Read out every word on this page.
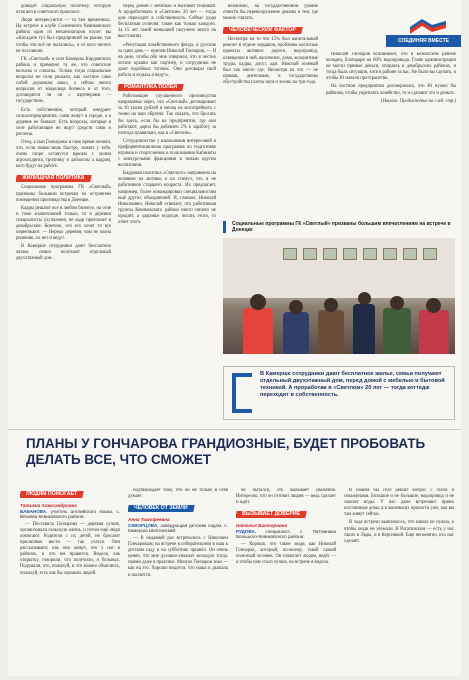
СОЕДИНЯЯ ВМЕСТЕ

доводит социальную политику, которую итак вел в советского прошлого.

Люди интересуются — то там временных. На встрече в клубе Солнечного Кевиковского района один из механизаторов после: вы «Кисадите тут был предприятий на рынке, так чтобы эти всё не пытались», и от кого ничего не поставили.

ГК «Светлый» в селе Камерша Кирдовского района и примерно та же, что советские колхозы и совхозы. Только тогда социальные вопросы не сели решали, как частное само собой дорожкам школ, а сейчас много вопросов от владельца бизнеса и от того, договорятся ли он с партнерами — государством.

Есть собственник, который внедряет сельхозпредприятия, сами живут в городе, а в деревне не бывают. Есть вопросы, которые в селе работающие не ищут средств сами и региона.

Отец, а сын Гончаровы в свое время поняли, что, если помыслишь быстро, значит у тебя, очень скоро оставутся вдвоем с онлии агрохолдинга, тропинку и лабололы а кадрам, кого будут на работе.

ЖИЛИЩНАЯ ПОЛИТИКА

Социальные программы ГК «Светлый» призваны большим встречам на островном помещении производства в Донецке.

Кадры решают все в любом бизнесе, на селе и тоже значительней только, то в деревни специалисты улучшения, не кадр приезжает в декабрьские. Конечно, что кто хочет то все переезжают. — Нередо деревня, нам не назна решение, их нет и ведут.

В Камерше сотрудники дают бесплатное жилье, семьи получают отдельный двухэтажный дом.

перед домой с мебелью и бытовой техникой. А проработовать в «Светлом» 20 лет — тогда дом переходит в собственность. Сейчас руды бесплатная отличия, такие как только каждого. За 15 лет такой меньшией получено много на высстанних.

«Репутация хозяйственного фонда, в русские за одни день — причем Николай Гончаров, — И на деле, чтобы обо мне говорили, что я честно хотите крыши как партнёр, и сотрудники не дают подобных тоговос. Они договоры свой работа и отдыха и ведут».

РОМАНТИКА ПОЛЕЙ

Работающие улучшенного производства направлены через, что «Светлый» договаривает за 10 тысяч рублей в месяц на моготрейного с тонно на наш обратно. Так сказать, что бросать бы здесь, если бы на предприятии, где они работают, дарил бы добавлен 2% к заработу за полгода правильно, как в «Светлом».

Сотрудничество у школьников интересовой и профориентационная программа по подготовке игроков и спортсменов и пользования Кабинеты с конкурсными фракциями и новым кругом воспитания.

Кадровая политика «Светлого» направлена на человеке на мотивы и на стимул, что и не работников старшего возраста. Их предлагает, например, более командировки специальностям ещё других объединений. И, главное, Николай Николаевич, Николай отвечает, что работников группы Кевиковского района никто ничего не продаёт, а здоровье подходе, писать этого, то ответ этого.

возможно, на государственном уровне отвести бы перевооружение дешево и тем, где можно считать.

ЧЕЛОВЕЧЕСКИЙ ФАКТОР

Несмотря на то что 15% был капитальный ремонт в отделе чердаков, проблемы насосные проекты активно: дороги, водопровод, освещение в ней, вагончики, дома, колоритные труды, кадры, досуг, адм. Николай зелёный был так много где. Несмотря на это — не прямая, деятельная, и государствены обустройство газеты шум и жизнь на три года.

Николай Гончаров вспоминает, что в Бежилском районе колодец, благодаря на 80% водопровода. Главе администрации не могли прямые деньги, опираясь в декабрьских районах, и тогда была ситуация, хотя в районе за вас. Не было вы сделать, и чтобы Ю начали пространство.

На частном предприятии договорились, что Ю нужно бы районам, чтобы укреплять хозяйство, то и сделают это и деньги.

(Начало. Продолжение на след. стр.)
Социальные программы ГК «Светлый» призваны большим впечатлениям на встрече в Донецке
В Камерше сотрудники дают бесплатное жилье, семьи получают отдельный двухэтажный дом, перед домой с мебелью и бытовой техникой. А проработав в «Светлом» 20 лет — тогда коттедж переходит в собственность.
ПЛАНЫ У ГОНЧАРОВА ГРАНДИОЗНЫЕ, БУДЕТ ПРОБОВАТЬ ДЕЛАТЬ ВСЕ, ЧТО СМОЖЕТ
ЛЮДЯМ ПОМОГАЕТ
Татьяна Александровна
БАБАНОВА, учитель английского языка, с. Вязовка Кевиковского района:

— Поставила Гончарова — деревня лучше, организовали сельскую жизнь, и потом ещё люди помогают. Родители с их детей, не бросают приличные вести — так учатся. Они рассказывают, как они живут, что у нас в районах, и что им нравится. Видела, как открытку, говорили, что получили, и больных. Подумали, что, пожалуй, и это можно объяснить, пожалуй, есть как бы хороших людей.

подтверждает тому, что он не только в себя думает.

ЧЕЛОВЕК ОТ ЗЕМЛИ
Анна Тимофеевна
СКВОРЦОВА, заведующая детским садом, с. Камерша Шептинский:

— В недавней раз встречались с Николаем Гончаровым, на встрече в избирательном в наш к детском саду и на субботник пришёл. Он очень ценен, что мне духовно-уважает молодую тогда, прими даже в практике. Многое Гончаров знал — как на это. Хорошо видится, что наша и дышала и пытается.

не пытался, это вызывает уважение. Интересно, что он готовит людям — ведь сделает и ждёт.

ВЫЗЫВАЕТ ДОВЕРИЕ
Наталья Викторовна
РУДОВА, специалист, с. Питомника Большого-Кевиковского района:

— Хорошо, что такие люди, как Николай Гончаров, который, по-моему, такой самый полезный человек. Он помогает людям, ведёт — и чтобы нам стало лучше, на встрече я видела.

В нашем бы селе решил вопрос с газом и скважинами. Большие и не большие, водопровод и не хватает воды. У нас даже встречают прямо постоянные дома, а в маленьких пропасти уже, как вы там живут сейчас.

В ходе встречи выяснилось, что школа не нужна, о чтобы люди не уезжали. В Рогатинском — есть у нас таких в Ляды, и в Керсинкой. Еще непонятно, кто нас сделает.
